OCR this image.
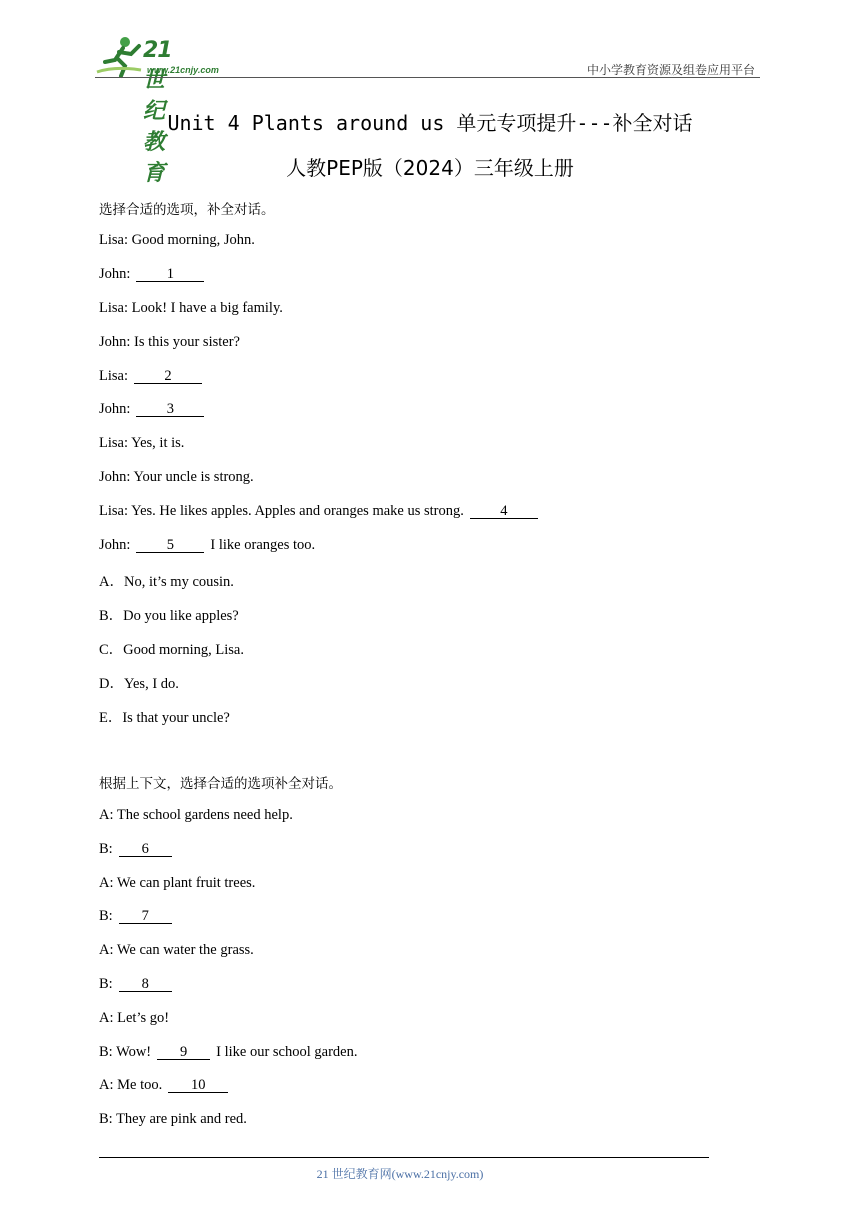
21世纪教育
www.21cnjy.com	中小学教育资源及组卷应用平台
Unit 4 Plants around us 单元专项提升---补全对话
人教PEP版（2024）三年级上册
选择合适的选项，补全对话。
Lisa: Good morning, John.
John:	1
Lisa: Look! I have a big family.
John: Is this your sister?
Lisa:	2
John:	3
Lisa: Yes, it is.
John: Your uncle is strong.
Lisa: Yes. He likes apples. Apples and oranges make us strong.	4
John:	5	I like oranges too.
A．No, it’s my cousin.
B．Do you like apples?
C．Good morning, Lisa.
D．Yes, I do.
E．Is that your uncle?
根据上下文，选择合适的选项补全对话。
A: The school gardens need help.
B: 6
A: We can plant fruit trees.
B: 7
A: We can water the grass.
B: 8
A: Let’s go!
B: Wow! 9 I like our school garden.
A: Me too. 10
B: They are pink and red.
21 世纪教育网(www.21cnjy.com)
